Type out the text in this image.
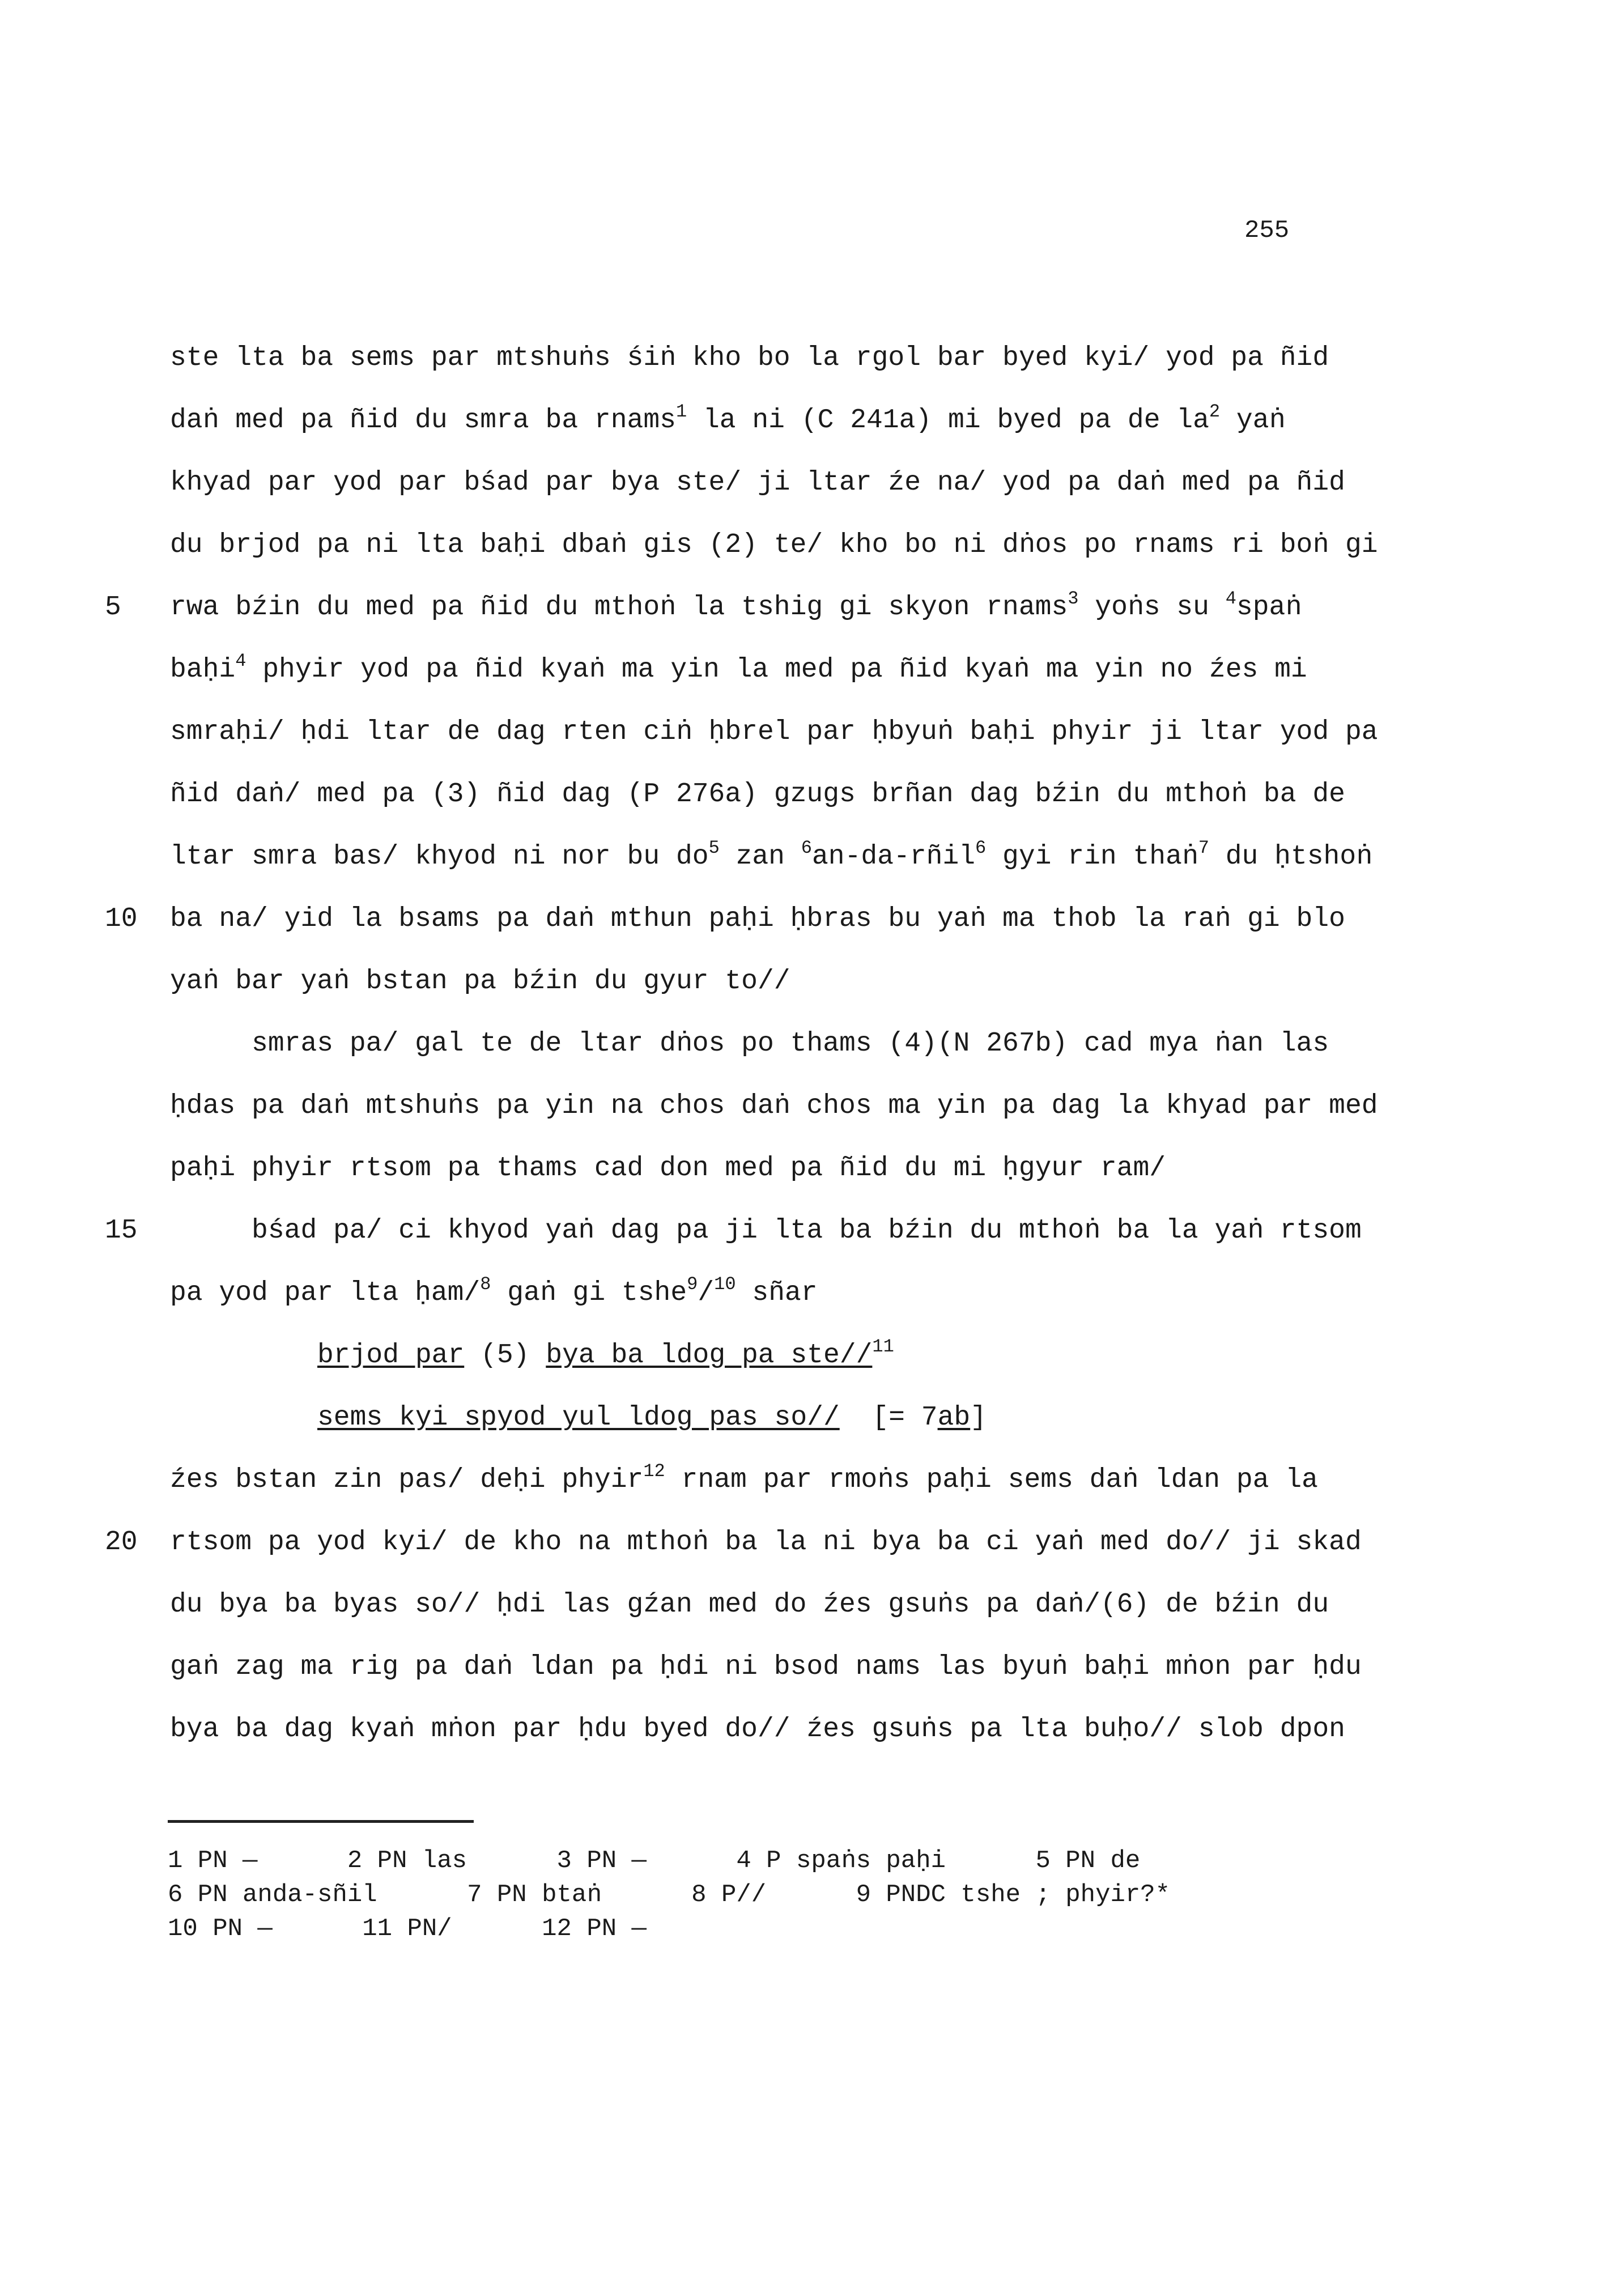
255
ste lta ba sems par mtshuṅs śiṅ kho bo la rgol bar byed kyi/ yod pa ñid
daṅ med pa ñid du smra ba rnams$^1$ la ni (C 241a) mi byed pa de $la^2$ yaṅ
khyad par yod par bśad par bya ste/ ji ltar źe na/ yod pa daṅ med pa ñid
du brjod pa ni lta baḥi dbaṅ gis (2) te/ kho bo ni dṅos po rnams ri boṅ gi
5 rwa bźin du med pa ñid du mthoṅ la tshig gi skyon rnams$^3$ yoṅs su $^4$spaṅ
baḥi$^4$ phyir yod pa ñid kyaṅ ma yin la med pa ñid kyaṅ ma yin no źes mi
smraḥi/ ḥdi ltar de dag rten ciṅ ḥbrel par ḥbyuṅ baḥi phyir ji ltar yod pa
ñid daṅ/ med pa (3) ñid dag (P 276a) gzugs brñan dag bźin du mthoṅ ba de
ltar smra bas/ khyod ni nor bu $do^5$ zan $^6$an-da-rñil$^6$ gyi rin thaṅ$^7$ du ḥtshoṅ
10 ba na/ yid la bsams pa daṅ mthun paḥi ḥbras bu yaṅ ma thob la raṅ gi blo
yaṅ bar yaṅ bstan pa bźin du gyur to//
smras pa/ gal te de ltar dṅos po thams (4)(N 267b) cad mya ṅan las
ḥdas pa daṅ mtshuṅs pa yin na chos daṅ chos ma yin pa dag la khyad par med
paḥi phyir rtsom pa thams cad don med pa ñid du mi ḥgyur ram/
15 bśad pa/ ci khyod yaṅ dag pa ji lta ba bźin du mthoṅ ba la yaṅ rtsom
pa yod par lta ḥam/$^8$ gaṅ gi tshe$^9$/$^{10}$ sñar
brjod par (5) bya ba ldog pa ste//$^{11}$
sems kyi spyod yul ldog pas so//  [= 7ab]
źes bstan zin pas/ deḥi phyir$^{12}$ rnam par rmoṅs paḥi sems daṅ ldan pa la
20 rtsom pa yod kyi/ de kho na mthoṅ ba la ni bya ba ci yaṅ med do// ji skad
du bya ba byas so// ḥdi las gźan med do źes gsuṅs pa daṅ/(6) de bźin du
gaṅ zag ma rig pa daṅ ldan pa ḥdi ni bsod nams las byuṅ baḥi mṅon par ḥdu
bya ba dag kyaṅ mṅon par ḥdu byed do// źes gsuṅs pa lta buḥo// slob dpon
1 PN —      2 PN las      3 PN —      4 P spaṅs paḥi      5 PN de
6 PN anda-sñil      7 PN btaṅ      8 P//      9 PNDC tshe ; phyir?*
10 PN —      11 PN/      12 PN —
